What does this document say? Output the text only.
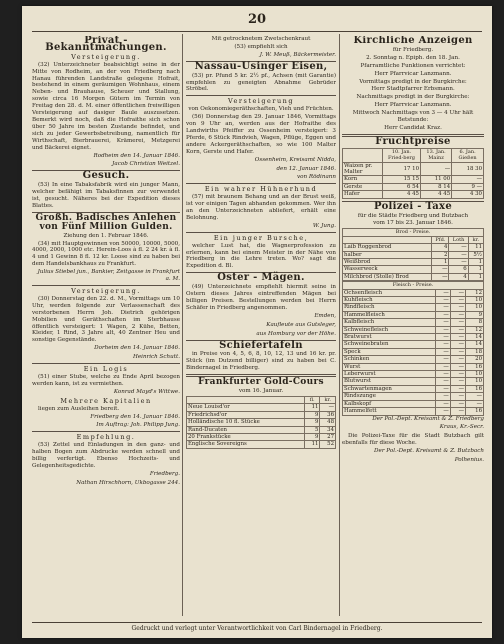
20
Privat - Bekanntmachungen.
Versteigerung.

(32) Unterzeichneter beabsichtigt seine in der Mitte von Rodheim, an der von Friedberg nach Hanau führenden Landstraße gelegene Hofrait, bestehend in einem geräumigen Wohnhaus, einem Neben- und Brauhause, Scheuer und Stallung, sowie circa 16 Morgen Gütern im Termin von Freitag den 28. d. M. einer öffentlichen freiwilligen Versteigerung auf dasiger Baule auszusetzen. Bemerkt wird noch, daß die Hofraithe sich schon über 50 Jahre im besten Zustande befindet, und sich zu jeder Gewerbsbetreibung, namentlich für Wirthschaft, Bierbrauerei, Krämerei, Metzgerei und Bäckerei eignet.

Rodheim den 14. Januar 1846.

Jacob Christian Weitzel.

Gesuch.

(53) In eine Tabaksfabrik wird ein junger Mann, welcher befähigt im Tabaksfinnen zur verwendet ist, gesucht. Näheres bei der Expedition dieses Blattes.

Großh. Badisches Anlehen
von Fünf Million Gulden.
Ziehung den 1. Februar 1846.

(34) mit Hauptgewinnen von 50000, 10000, 5000, 4000, 2000, 1000 etc. Herein-Loos à fl. 2 24 kr. à fl. 4 und 1 Gewinn 8 fl. 12 kr. Loose sind zu haben bei dem Handelsbankhaus zu Frankfurt.

Julius Stiebel jun., Bankier, Zeitgasse in Frankfurt a. M.

Versteigerung.

(30) Donnerstag den 22. d. M., Vormittags um 10 Uhr, werden folgende zur Verlassenschaft des verstorbenen Herrn Joh. Dietrich gehörigen Mobilien und Geräthschaften im Sterbhause öffentlich versteigert: 1 Wagen, 2 Kühe, Betten, Kleider, 1 Rind, 3 Jahre alt, 40 Zentner Heu und sonstige Gegenstände.

Dorheim den 14. Januar 1846.

Heinrich Schutt.

Ein Logis

(51) einer Stube, welche zu Ende April bezogen werden kann, ist zu vermiethen.

Konrad Mayd's Wittwe.

Mehrere Kapitalien

liegen zum Ausleihen bereit.

Friedberg den 14. Januar 1846.

Im Auftrag: Joh. Philipp Jung.

Empfehlung.

(53) Zettel und Einladungen in den ganz- und halben Bogen zum Abdrucke werden schnell und billig verfertigt. Ebenso Hochzeits- und Gelegenheitsgedichte.

Friedberg.

Nathan Hirschhorn, Ukbogasse 244.

Mit getrocknetem Zwetschenkraut
(53) empfiehlt sich

J. W. Meuß, Bäckermeister.

Nassau-Usinger Eisen,

(53) pr. Pfund 5 kr. 2½ pf., Achsen (mit Garantie) empfehlen zu geneigten Abnahme Gebrüder Ströbel.

Versteigerung
von Oekonomiegeräthschaften, Vieh und Früchten.

(56) Donnerstag den 29. Januar 1846, Vormittags von 9 Uhr an, werden aus der Hofraithe des Landwirths Pfeiffer zu Ossenheim versteigert: 3 Pferde, 6 Stück Rindvieh, Wagen, Pflüge, Eggen und andere Ackergeräthschaften, so wie 100 Malter Korn, Gerste und Hafer.

Ossenheim, Kreisamt Nidda,

den 12. Januar 1846.

von Rödinann

Ein wahrer Hühnerhund

(57) mit braunem Behang und an der Brust weiß, ist vor einigen Tagen abhanden gekommen. Wer ihn an den Unterzeichneten abliefert, erhält eine Belohnung.

W. Jung.

Ein junger Bursche,

welcher Lust hat, die Wagnerprofession zu erlernen, kann bei einem Meister in der Nähe von Friedberg in die Lehre treten. Wo? sagt die Expedition d. Bl.

Oster - Mägen.

(49) Unterzeichnete empfiehlt hiermit seine in Ostern dieses Jahres eintreffenden Mägen bei billigen Preisen. Bestellungen werden bei Herrn Schäfer in Friedberg angenommen.

Emden,

Kaufleute aus Gutsleger,

aus Homburg vor der Höhe.

Schiefertafeln

in Preise von 4, 5, 6, 8, 10, 12, 13 und 16 kr. pr. Stück (im Dutzend billiger) sind zu haben bei C. Bindernagel in Friedberg.

Frankfurter Gold-Cours
vom 16. Januar.
	fl.	kr.
Neue Louisd'or	11	—
Friedrichsd'or	9	36
Holländische 10 fl. Stücke	9	48
Rand-Ducaten	5	34
20 Frankstücke	9	27
Englische Sovereigns	11	52
Kirchliche Anzeigen
für Friedberg.
2. Sonntag n. Epiph. den 18. Jan.
Pfarramtliche Funktionen verrichtet:
Herr Pfarrvicar Lanzmann.
Vormittags predigt in der Burgkirche:
Herr Stadtpfarrer Erbsmann.
Nachmittags predigt in der Burgkirche:
Herr Pfarrvicar Lanzmann.
Mittwoch Nachmittags von 3 — 4 Uhr hält Betstunde:
Herr Candidat Kraz.
Fruchtpreise
	10. Jan. Fried-berg	13. Jan. Mainz	6. Jan. Gießen
Waizen pr. Malter	17 10	—	18 30
Korn	15 15	11 00	—
Gerste	6 54	8 14	9 —
Hafer	4 45	4 45	4 30
Polizei - Taxe
für die Städte Friedberg und Butzbach
vom 17 bis 23. Januar 1846.
Brod - Preise.			
	Pfd.	Loth	kr.
Laib Roggenbrod	4	—	11
halber	2	—	5½
Weißbrod	1	—	1
Wasserweck	—	6	1
Milchbrod (Stolle) Brod	—	4	1
Fleisch - Preise.			
Ochsenfleisch	—	—	12
Kuhfleisch	—	—	10
Rindfleisch	—	—	10
Hammelfleisch	—	—	9
Kalbfleisch	—	—	8
Schweinefleisch	—	—	12
Bratwurst	—	—	14
Schweinebraten	—	—	14
Speck	—	—	18
Schinken	—	—	20
Wurst	—	—	16
Leberwurst	—	—	10
Blutwurst	—	—	10
Schwartenmagen	—	—	16
Rindszunge	—	—	—
Kalbskopf	—	—	—
Hammelfett	—	—	16

Der Pol.-Dept. Kreisamt & Z. Friedberg

Kraus, Kr.-Secr.

Die Polizei-Taxe für die Stadt Butzbach gilt ebenfalls für diese Woche.

Der Pol.-Dept. Kreisamt & Z. Butzbach

Polhenius.

Gedruckt und verlegt unter Verantwortlichkeit von Carl Bindernagel in Friedberg.
